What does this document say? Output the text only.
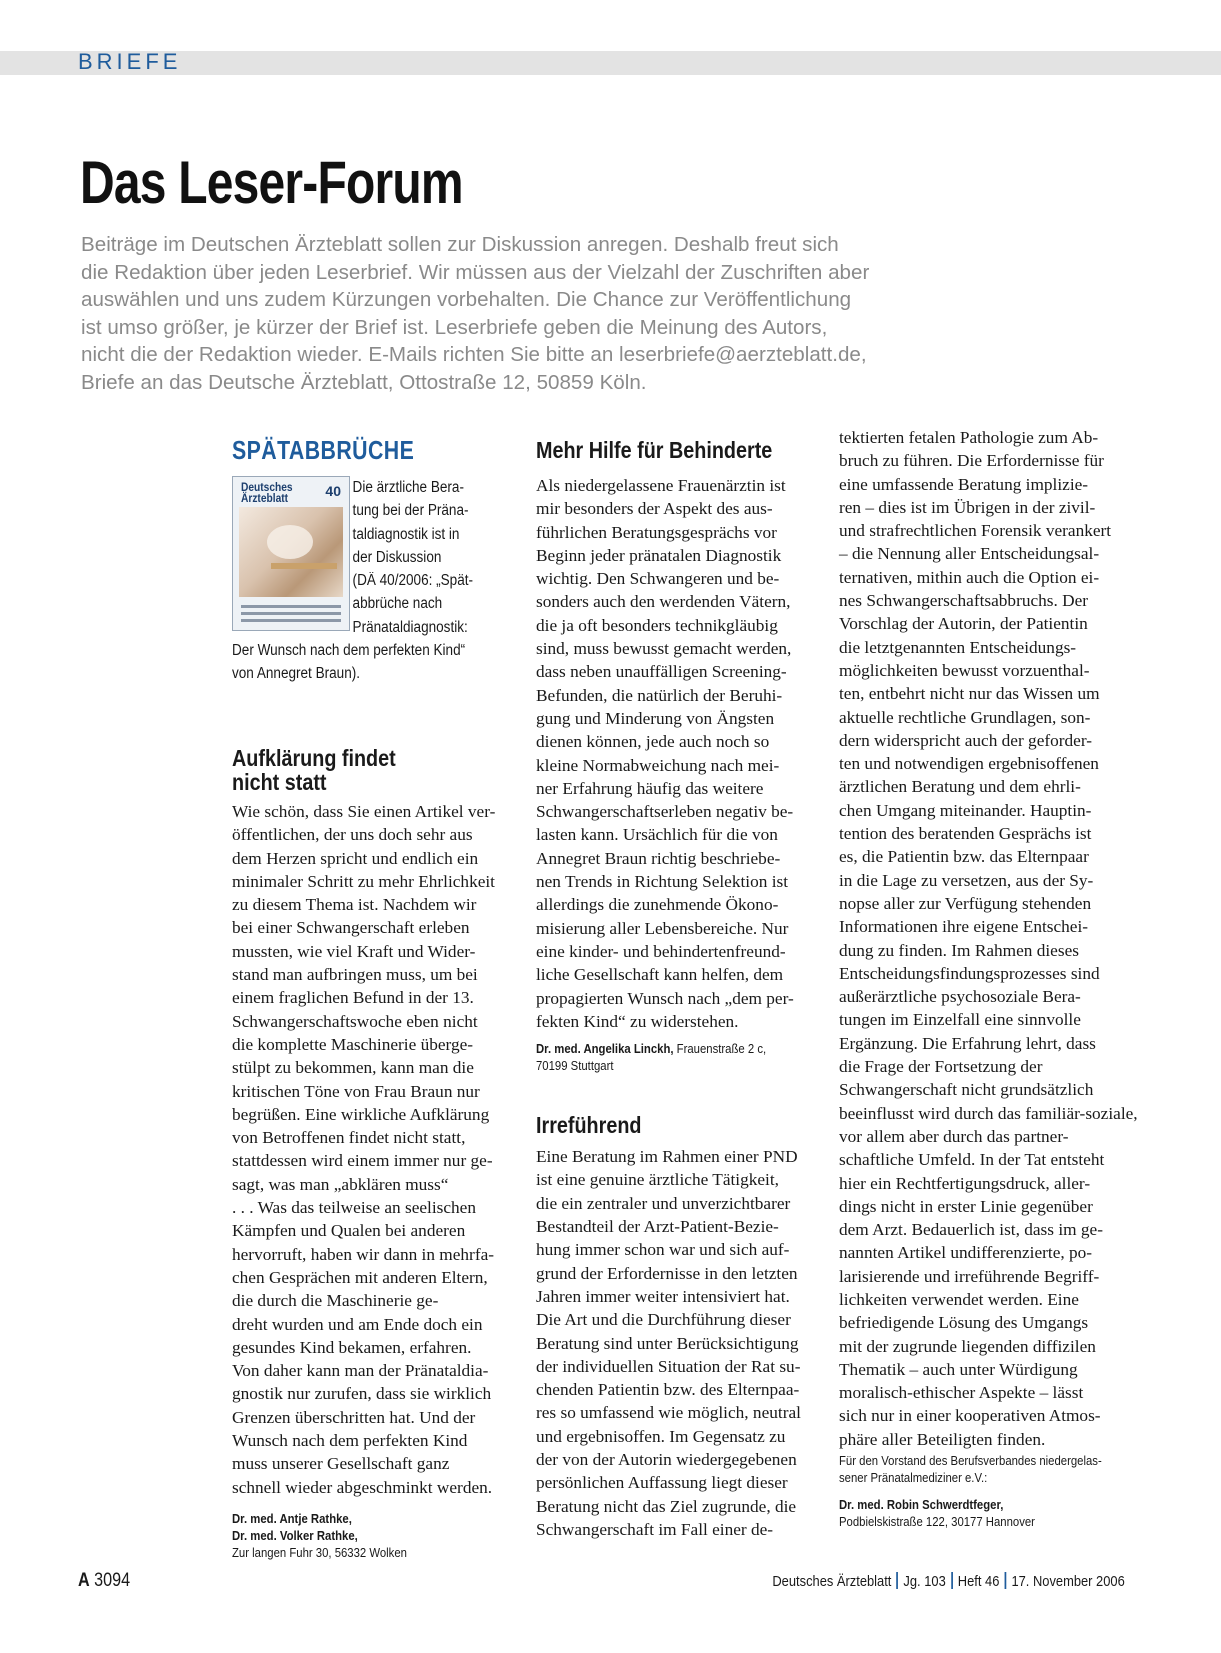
BRIEFE
Das Leser-Forum
Beiträge im Deutschen Ärzteblatt sollen zur Diskussion anregen. Deshalb freut sich
die Redaktion über jeden Leserbrief. Wir müssen aus der Vielzahl der Zuschriften aber
auswählen und uns zudem Kürzungen vorbehalten. Die Chance zur Veröffentlichung
ist umso größer, je kürzer der Brief ist. Leserbriefe geben die Meinung des Autors,
nicht die der Redaktion wieder. E-Mails richten Sie bitte an leserbriefe@aerzteblatt.de,
Briefe an das Deutsche Ärzteblatt, Ottostraße 12, 50859 Köln.
SPÄTABBRÜCHE
Deutsches
Ärzteblatt	40 Die ärztliche Bera-
tung bei der Präna-
taldiagnostik ist in
der Diskussion
(DÄ 40/2006: „Spät-
abbrüche nach
Pränataldiagnostik:
Der Wunsch nach dem perfekten Kind“
von Annegret Braun).
Aufklärung findet
nicht statt
Wie schön, dass Sie einen Artikel ver-
öffentlichen, der uns doch sehr aus
dem Herzen spricht und endlich ein
minimaler Schritt zu mehr Ehrlichkeit
zu diesem Thema ist. Nachdem wir
bei einer Schwangerschaft erleben
mussten, wie viel Kraft und Wider-
stand man aufbringen muss, um bei
einem fraglichen Befund in der 13.
Schwangerschaftswoche eben nicht
die komplette Maschinerie überge-
stülpt zu bekommen, kann man die
kritischen Töne von Frau Braun nur
begrüßen. Eine wirkliche Aufklärung
von Betroffenen findet nicht statt,
stattdessen wird einem immer nur ge-
sagt, was man „abklären muss“
. . . Was das teilweise an seelischen
Kämpfen und Qualen bei anderen
hervorruft, haben wir dann in mehrfa-
chen Gesprächen mit anderen Eltern,
die durch die Maschinerie ge-
dreht wurden und am Ende doch ein
gesundes Kind bekamen, erfahren.
Von daher kann man der Pränataldia-
gnostik nur zurufen, dass sie wirklich
Grenzen überschritten hat. Und der
Wunsch nach dem perfekten Kind
muss unserer Gesellschaft ganz
schnell wieder abgeschminkt werden.
Dr. med. Antje Rathke,
Dr. med. Volker Rathke,
Zur langen Fuhr 30, 56332 Wolken
Mehr Hilfe für Behinderte
Als niedergelassene Frauenärztin ist
mir besonders der Aspekt des aus-
führlichen Beratungsgesprächs vor
Beginn jeder pränatalen Diagnostik
wichtig. Den Schwangeren und be-
sonders auch den werdenden Vätern,
die ja oft besonders technikgläubig
sind, muss bewusst gemacht werden,
dass neben unauffälligen Screening-
Befunden, die natürlich der Beruhi-
gung und Minderung von Ängsten
dienen können, jede auch noch so
kleine Normabweichung nach mei-
ner Erfahrung häufig das weitere
Schwangerschaftserleben negativ be-
lasten kann. Ursächlich für die von
Annegret Braun richtig beschriebe-
nen Trends in Richtung Selektion ist
allerdings die zunehmende Ökono-
misierung aller Lebensbereiche. Nur
eine kinder- und behindertenfreund-
liche Gesellschaft kann helfen, dem
propagierten Wunsch nach „dem per-
fekten Kind“ zu widerstehen.
Dr. med. Angelika Linckh, Frauenstraße 2 c,
70199 Stuttgart
Irreführend
Eine Beratung im Rahmen einer PND
ist eine genuine ärztliche Tätigkeit,
die ein zentraler und unverzichtbarer
Bestandteil der Arzt-Patient-Bezie-
hung immer schon war und sich auf-
grund der Erfordernisse in den letzten
Jahren immer weiter intensiviert hat.
Die Art und die Durchführung dieser
Beratung sind unter Berücksichtigung
der individuellen Situation der Rat su-
chenden Patientin bzw. des Elternpaa-
res so umfassend wie möglich, neutral
und ergebnisoffen. Im Gegensatz zu
der von der Autorin wiedergegebenen
persönlichen Auffassung liegt dieser
Beratung nicht das Ziel zugrunde, die
Schwangerschaft im Fall einer de-
tektierten fetalen Pathologie zum Ab-
bruch zu führen. Die Erfordernisse für
eine umfassende Beratung implizie-
ren – dies ist im Übrigen in der zivil-
und strafrechtlichen Forensik verankert
– die Nennung aller Entscheidungsal-
ternativen, mithin auch die Option ei-
nes Schwangerschaftsabbruchs. Der
Vorschlag der Autorin, der Patientin
die letztgenannten Entscheidungs-
möglichkeiten bewusst vorzuenthal-
ten, entbehrt nicht nur das Wissen um
aktuelle rechtliche Grundlagen, son-
dern widerspricht auch der geforder-
ten und notwendigen ergebnisoffenen
ärztlichen Beratung und dem ehrli-
chen Umgang miteinander. Hauptin-
tention des beratenden Gesprächs ist
es, die Patientin bzw. das Elternpaar
in die Lage zu versetzen, aus der Sy-
nopse aller zur Verfügung stehenden
Informationen ihre eigene Entschei-
dung zu finden. Im Rahmen dieses
Entscheidungsfindungsprozesses sind
außerärztliche psychosoziale Bera-
tungen im Einzelfall eine sinnvolle
Ergänzung. Die Erfahrung lehrt, dass
die Frage der Fortsetzung der
Schwangerschaft nicht grundsätzlich
beeinflusst wird durch das familiär-soziale,
vor allem aber durch das partner-
schaftliche Umfeld. In der Tat entsteht
hier ein Rechtfertigungsdruck, aller-
dings nicht in erster Linie gegenüber
dem Arzt. Bedauerlich ist, dass im ge-
nannten Artikel undifferenzierte, po-
larisierende und irreführende Begriff-
lichkeiten verwendet werden. Eine
befriedigende Lösung des Umgangs
mit der zugrunde liegenden diffizilen
Thematik – auch unter Würdigung
moralisch-ethischer Aspekte – lässt
sich nur in einer kooperativen Atmos-
phäre aller Beteiligten finden.
Für den Vorstand des Berufsverbandes niedergelas-
sener Pränatalmediziner e.V.:
Dr. med. Robin Schwerdtfeger,
Podbielskistraße 122, 30177 Hannover
A 3094	Deutsches Ärzteblatt Jg. 103 Heft 46 17. November 2006
